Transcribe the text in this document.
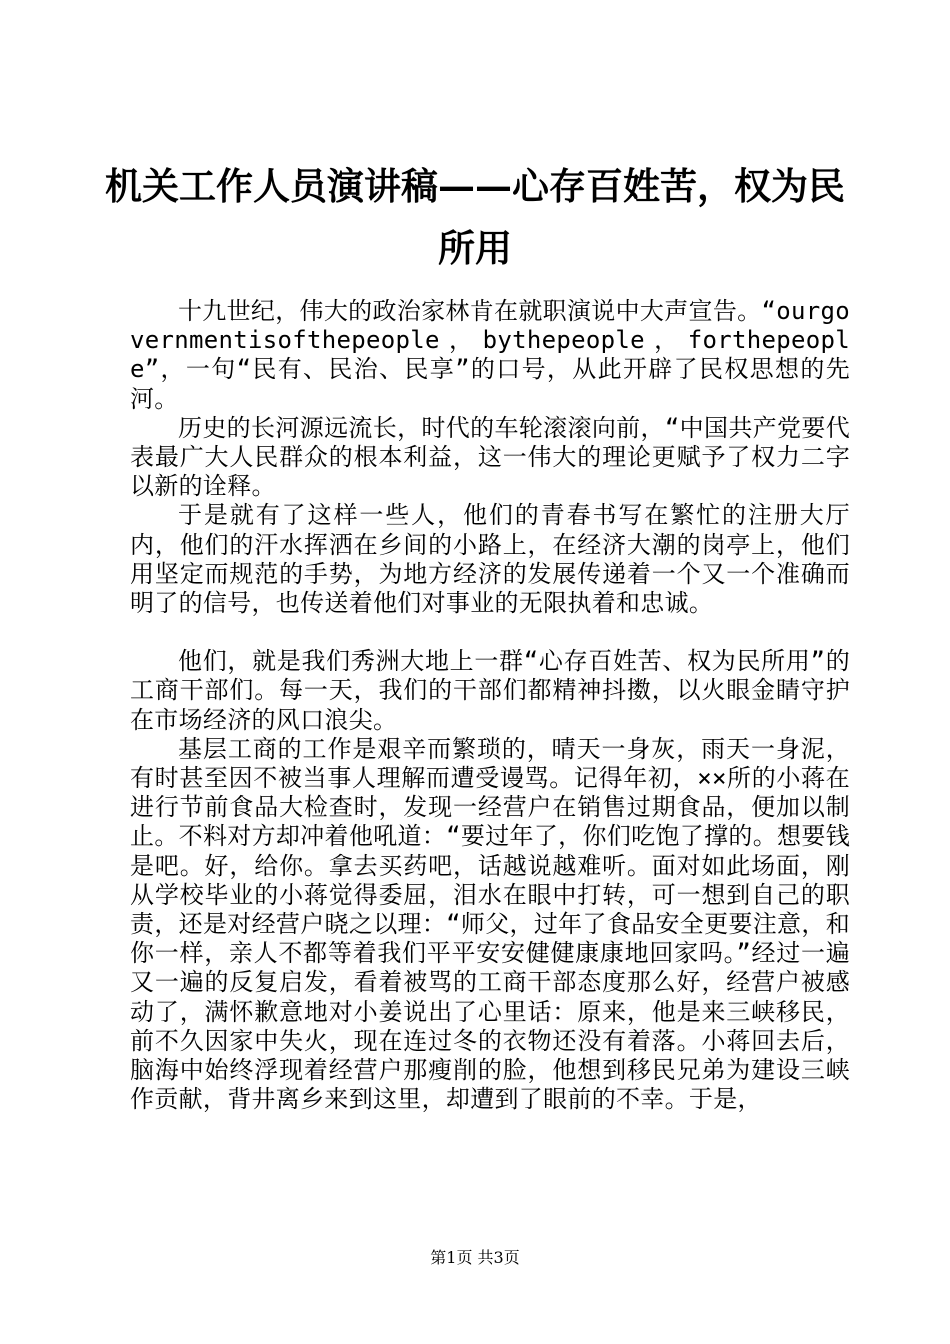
机关工作人员演讲稿——心存百姓苦，权为民所用

十九世纪，伟大的政治家林肯在就职演说中大声宣告。“ourgovernmentisofthepeople，bythepeople，forthepeople”，一句“民有、民治、民享”的口号，从此开辟了民权思想的先河。

历史的长河源远流长，时代的车轮滚滚向前，“中国共产党要代表最广大人民群众的根本利益，这一伟大的理论更赋予了权力二字以新的诠释。

于是就有了这样一些人，他们的青春书写在繁忙的注册大厅内，他们的汗水挥洒在乡间的小路上，在经济大潮的岗亭上，他们用坚定而规范的手势，为地方经济的发展传递着一个又一个准确而明了的信号，也传送着他们对事业的无限执着和忠诚。

他们，就是我们秀洲大地上一群“心存百姓苦、权为民所用”的工商干部们。每一天，我们的干部们都精神抖擞，以火眼金睛守护在市场经济的风口浪尖。

基层工商的工作是艰辛而繁琐的，晴天一身灰，雨天一身泥，有时甚至因不被当事人理解而遭受谩骂。记得年初，××所的小蒋在进行节前食品大检查时，发现一经营户在销售过期食品，便加以制止。不料对方却冲着他吼道：“要过年了，你们吃饱了撑的。想要钱是吧。好，给你。拿去买药吧，话越说越难听。面对如此场面，刚从学校毕业的小蒋觉得委屈，泪水在眼中打转，可一想到自己的职责，还是对经营户晓之以理：“师父，过年了食品安全更要注意，和你一样，亲人不都等着我们平平安安健健康康地回家吗。”经过一遍又一遍的反复启发，看着被骂的工商干部态度那么好，经营户被感动了，满怀歉意地对小姜说出了心里话：原来，他是来三峡移民，前不久因家中失火，现在连过冬的衣物还没有着落。小蒋回去后，脑海中始终浮现着经营户那瘦削的脸，他想到移民兄弟为建设三峡作贡献，背井离乡来到这里，却遭到了眼前的不幸。于是，

第1页 共3页
